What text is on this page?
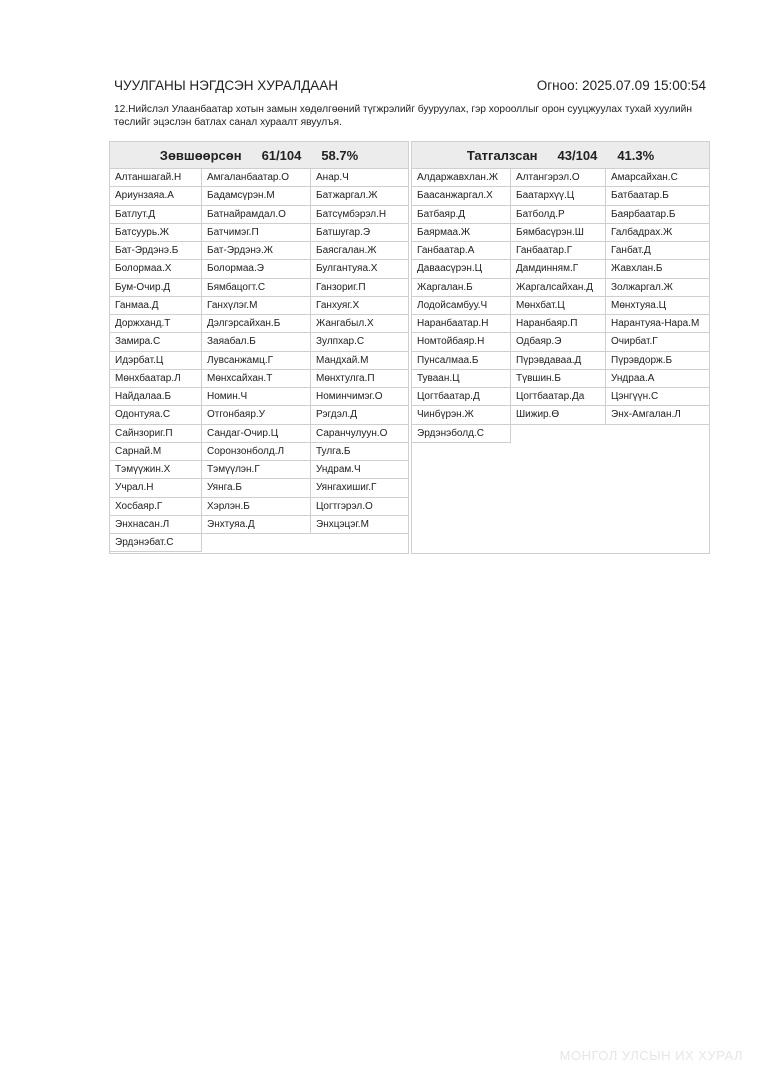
ЧУУЛГАНЫ НЭГДСЭН ХУРАЛДААН	Огноо: 2025.07.09 15:00:54
12.Нийслэл Улаанбаатар хотын замын хөдөлгөөний түгжрэлийг бууруулах, гэр хорооллыг орон сууцжуулах тухай хуулийн төслийг эцэслэн батлах санал хураалт явуулъя.
Зөвшөөрсөн 61/104 58.7%
Алтаншагай.Н	Амгаланбаатар.О	Анар.Ч
Ариунзаяа.А	Бадамсүрэн.М	Батжаргал.Ж
Батлут.Д	Батнайрамдал.О	Батсүмбэрэл.Н
Батсуурь.Ж	Батчимэг.П	Батшугар.Э
Бат-Эрдэнэ.Б	Бат-Эрдэнэ.Ж	Баясгалан.Ж
Болормаа.Х	Болормаа.Э	Булгантуяа.Х
Бум-Очир.Д	Бямбацогт.С	Ганзориг.П
Ганмаа.Д	Ганхүлэг.М	Ганхуяг.Х
Доржханд.Т	Дэлгэрсайхан.Б	Жангабыл.Х
Замира.С	Заяабал.Б	Зулпхар.С
Идэрбат.Ц	Лувсанжамц.Г	Мандхай.М
Мөнхбаатар.Л	Мөнхсайхан.Т	Мөнхтулга.П
Найдалаа.Б	Номин.Ч	Номинчимэг.О
Одонтуяа.С	Отгонбаяр.У	Рэгдэл.Д
Сайнзориг.П	Сандаг-Очир.Ц	Саранчулуун.О
Сарнай.М	Соронзонболд.Л	Тулга.Б
Тэмүүжин.Х	Тэмүүлэн.Г	Ундрам.Ч
Учрал.Н	Уянга.Б	Уянгахишиг.Г
Хосбаяр.Г	Хэрлэн.Б	Цогтгэрэл.О
Энхнасан.Л	Энхтуяа.Д	Энхцэцэг.М
Эрдэнэбат.С
Татгалзсан 43/104 41.3%
Алдаржавхлан.Ж	Алтангэрэл.О	Амарсайхан.С
Баасанжаргал.Х	Баатархүү.Ц	Батбаатар.Б
Батбаяр.Д	Батболд.Р	Баярбаатар.Б
Баярмаа.Ж	Бямбасүрэн.Ш	Галбадрах.Ж
Ганбаатар.А	Ганбаатар.Г	Ганбат.Д
Даваасүрэн.Ц	Дамдинням.Г	Жавхлан.Б
Жаргалан.Б	Жаргалсайхан.Д	Золжаргал.Ж
Лодойсамбуу.Ч	Мөнхбат.Ц	Мөнхтуяа.Ц
Наранбаатар.Н	Наранбаяр.П	Нарантуяа-Нара.М
Номтойбаяр.Н	Одбаяр.Э	Очирбат.Г
Пунсалмаа.Б	Пүрэвдаваа.Д	Пүрэвдорж.Б
Туваан.Ц	Түвшин.Б	Ундраа.А
Цогтбаатар.Д	Цогтбаатар.Да	Цэнгүүн.С
Чинбүрэн.Ж	Шижир.Ө	Энх-Амгалан.Л
Эрдэнэболд.С
МОНГОЛ УЛСЫН ИХ ХУРАЛ
